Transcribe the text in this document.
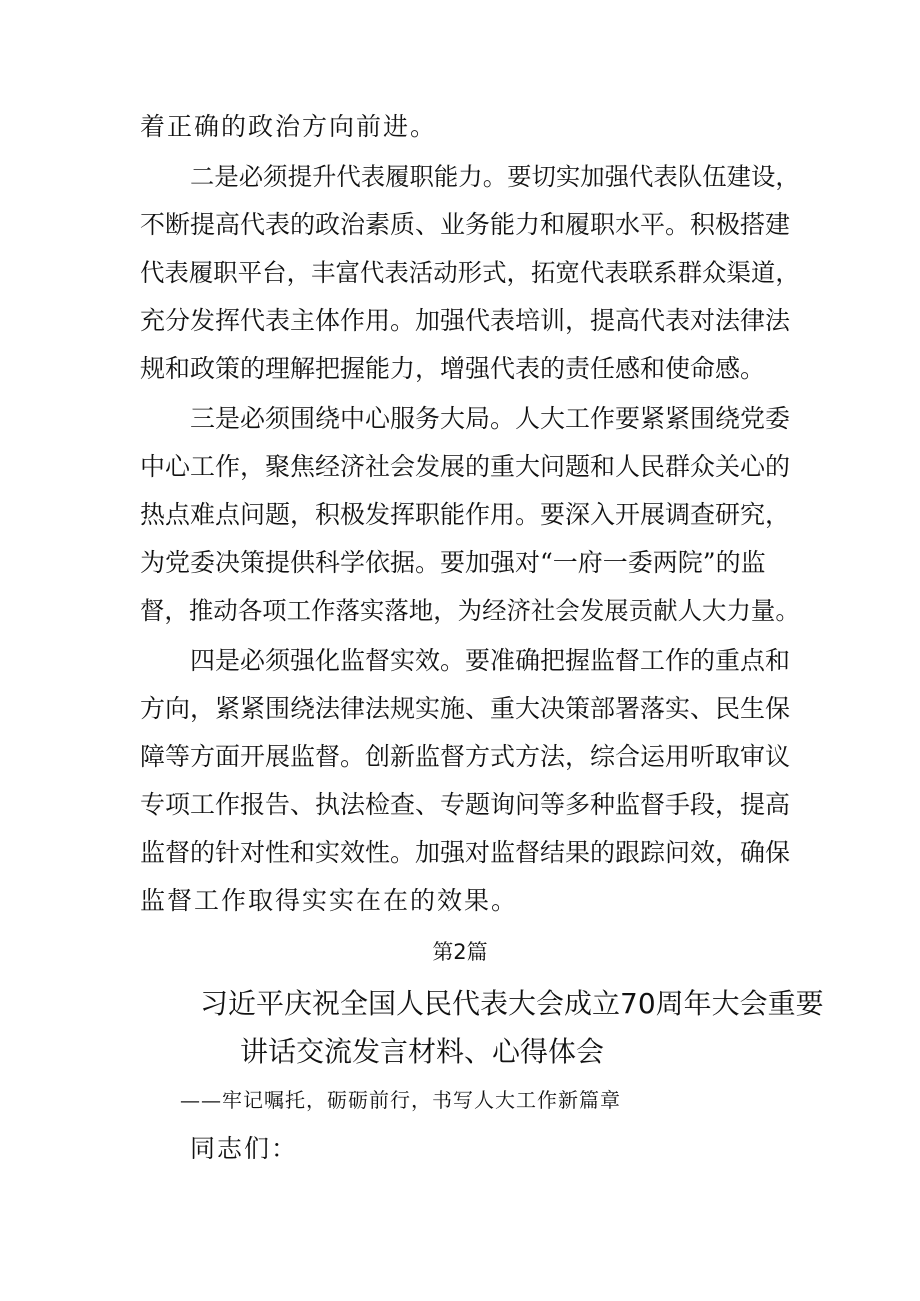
着正确的政治方向前进。
二是必须提升代表履职能力。要切实加强代表队伍建设，
不断提高代表的政治素质、业务能力和履职水平。积极搭建
代表履职平台，丰富代表活动形式，拓宽代表联系群众渠道，
充分发挥代表主体作用。加强代表培训，提高代表对法律法
规和政策的理解把握能力，增强代表的责任感和使命感。
三是必须围绕中心服务大局。人大工作要紧紧围绕党委
中心工作，聚焦经济社会发展的重大问题和人民群众关心的
热点难点问题，积极发挥职能作用。要深入开展调查研究，
为党委决策提供科学依据。要加强对“一府一委两院”的监
督，推动各项工作落实落地，为经济社会发展贡献人大力量。
四是必须强化监督实效。要准确把握监督工作的重点和
方向，紧紧围绕法律法规实施、重大决策部署落实、民生保
障等方面开展监督。创新监督方式方法，综合运用听取审议
专项工作报告、执法检查、专题询问等多种监督手段，提高
监督的针对性和实效性。加强对监督结果的跟踪问效，确保
监督工作取得实实在在的效果。
第2篇
习近平庆祝全国人民代表大会成立70周年大会重要
讲话交流发言材料、心得体会
——牢记嘱托，砺砺前行，书写人大工作新篇章
同志们：
